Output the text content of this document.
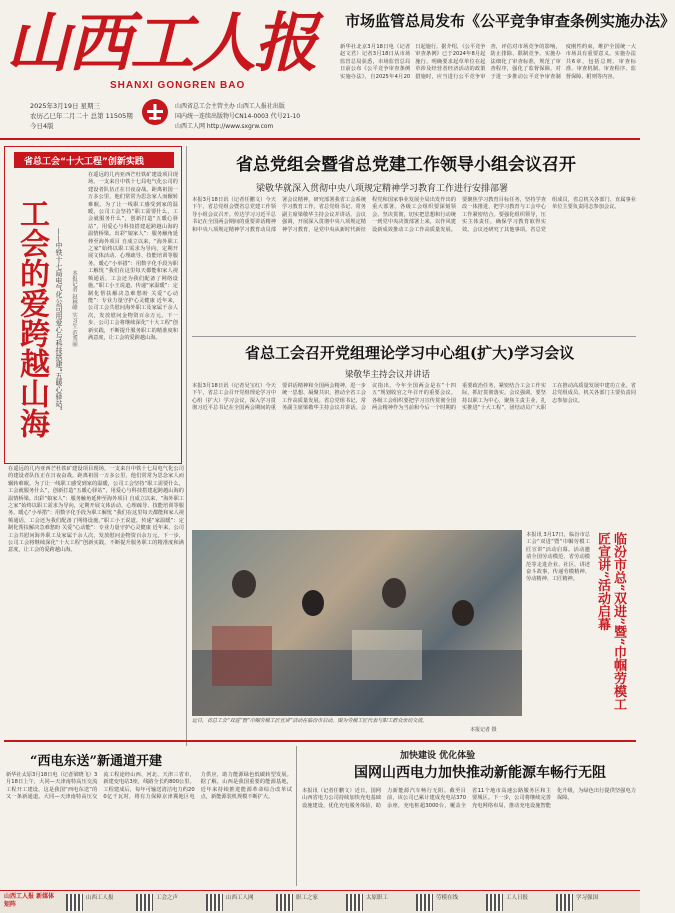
山西工人报
SHANXI GONGREN BAO
2025年3月19日 星期三
农历乙巳年二月二十 总第 11505期
今日4版
山西省总工会主管主办 山西工人报社出版
国内统一连续出版物号CN14-0003 代号21-10
山西工人网 http://www.sxgrw.com
市场监管总局发布《公平竞争审查条例实施办法》
新华社北京3月18日电（记者赵文君）记者3月18日从市场监管总局获悉，市场监管总局日前公布《公平竞争审查条例实施办法》，自2025年4月20日起施行。据介绍，《公平竞争审查条例》已于2024年8月起施行。明确要求起草单位在起草涉及经营者经济活动的政策措施时，应当进行公平竞争审查，评估对市场竞争的影响，防止排除、限制竞争。实施办法细化了审查标准，规范了审查程序，强化了监督保障，对于进一步推动公平竞争审查制度刚性约束，维护全国统一大市场具有重要意义。实施办法共6章，包括总则、审查标准、审查机制、审查程序、监督保障、附则等内容。
省总工会“十大工程”创新实践
工会的爱跨越山海 ——中铁十七局电气化公司用爱心与科技搭建“五暖心驿站” 本报记者 赵林峰 实习生 范秀丽
在遥远的几内亚西芒杜铁矿建设项目现场，一支来自中铁十七局电气化公司的建设者队伍正在日夜奋战。距离祖国一万多公里，他们常常为思念家人而辗转难眠。为了让一线职工感受到家的温暖，公司工会坚持“职工需要什么，工会就服务什么”，创新打造“五暖心驿站”，用爱心与科技搭建起跨越山海的温情桥梁。出彩“娘家人”：服务触角延伸至海外项目 自成立以来，“海外职工之家”始终以职工需求为导向，定期开展文体活动、心理疏导、技能培训等服务。暖心“小举措”：用数字化手段为职工解忧 “我们在这里每天都能和家人视频通话，工会还为我们配备了网络设施。”职工小王说道。传递“家温暖”：定制化帮扶解决急难愁盼 关爱“心动能”：专业力量守护心灵健康 近年来，公司工会共慰问海外职工及家属千余人次，发放慰问金物资百余万元。下一步，公司工会将继续深化“十大工程”创新实践，不断提升服务职工的精准度和满意度，让工会的爱跨越山海。
在遥远的几内亚西芒杜铁矿建设项目现场，一支来自中铁十七局电气化公司的建设者队伍正在日夜奋战。距离祖国一万多公里，他们常常为思念家人而辗转难眠。为了让一线职工感受到家的温暖，公司工会坚持“职工需要什么，工会就服务什么”，创新打造“五暖心驿站”，用爱心与科技搭建起跨越山海的温情桥梁。出彩“娘家人”：服务触角延伸至海外项目 自成立以来，“海外职工之家”始终以职工需求为导向，定期开展文体活动、心理疏导、技能培训等服务。暖心“小举措”：用数字化手段为职工解忧 “我们在这里每天都能和家人视频通话，工会还为我们配备了网络设施。”职工小王说道。传递“家温暖”：定制化帮扶解决急难愁盼 关爱“心动能”：专业力量守护心灵健康 近年来，公司工会共慰问海外职工及家属千余人次，发放慰问金物资百余万元。下一步，公司工会将继续深化“十大工程”创新实践，不断提升服务职工的精准度和满意度，让工会的爱跨越山海。
省总党组会暨省总党建工作领导小组会议召开
梁敬华就深入贯彻中央八项规定精神学习教育工作进行安排部署
本报3月18日讯（记者任鹏文）今天下午，省总党组会暨省总党建工作领导小组会议召开。传达学习习近平总书记在全国两会期间的重要讲话精神和中央八项规定精神学习教育动员部署会议精神，研究部署我省工会系统学习教育工作。省总党组书记、常务副主席梁敬华主持会议并讲话。会议强调，开展深入贯彻中央八项规定精神学习教育，是党中央从新时代新征程党和国家事业发展全局出发作出的重大部署。各级工会组织要深刻领会、坚决贯彻，切实把思想和行动统一到党中央决策部署上来，以作风建设新成效推动工会工作高质量发展。要聚焦学习教育目标任务，坚持学查改一体推进，把学习教育与工会中心工作紧密结合。要强化组织领导，压实主体责任，确保学习教育取得实效。会议还研究了其他事项。省总党组成员，省总机关各部门、直属事业单位主要负责同志参加会议。
省总工会召开党组理论学习中心组(扩大)学习会议
梁敬华主持会议并讲话
本报3月18日讯（记者吴宝红）今天下午，省总工会召开党组理论学习中心组（扩大）学习会议，深入学习贯彻习近平总书记在全国两会期间的重要讲话精神和全国两会精神，进一步统一思想、凝聚共识，推动全省工会工作高质量发展。省总党组书记、常务副主席梁敬华主持会议并讲话。会议指出，今年全国两会是在“十四五”规划收官之年召开的重要会议。各级工会组织要把学习宣传贯彻全国两会精神作为当前和今后一个时期的重要政治任务，紧密结合工会工作实际，抓好贯彻落实。会议强调，要坚持以职工为中心，聚焦主责主业，扎实推进“十大工程”，团结动员广大职工在推动高质量发展中建功立业。省总党组成员、机关各部门主要负责同志参加会议。
近日，省总工会“双进”暨“巾帼劳模工匠宣讲”活动在临汾市启动。图为劳模工匠代表与职工群众亲切交流。
本报记者 摄
临汾市总“双进”暨“巾帼劳模工匠宣讲”活动启幕
本报讯 3月17日，临汾市总工会“双进”暨“巾帼劳模工匠宣讲”活动启幕。活动邀请全国劳动模范、省劳动模范等走进企业、社区，讲述奋斗故事，传递劳模精神、劳动精神、工匠精神。
“西电东送”新通道开建
新华社太原3月18日电（记者梁晓飞）3月18日上午，大同—天津南特高压交流工程开工建设，这是我国“西电东送”的又一条新通道。大同—天津南特高压交流工程途经山西、河北、天津三省市，新建变电站3座，线路全长约800公里。工程建成后，每年可输送清洁电力约200亿千瓦时，将有力保障京津冀地区电力供应，助力能源绿色低碳转型发展。据了解，山西是我国重要的能源基地，近年来持续推进能源革命综合改革试点，新能源装机规模不断扩大。
加快建设 优化体验
国网山西电力加快推动新能源车畅行无阻
本报讯（记者任鹏文）近日，国网山西省电力公司持续加快充电基础设施建设，优化充电服务体验，助力新能源汽车畅行无阻。截至目前，该公司已累计建成充电站370余座，充电桩超3000台，覆盖全省11个地市高速公路服务区和主要城区。下一步，公司将继续完善充电网络布局，推动充电设施智能化升级，为绿色出行提供坚强电力保障。
山西工人报 新媒体矩阵
山西工人报	工会之声	山西工人网	职工之家	太原职工	劳模在线	工人日报	学习强国
